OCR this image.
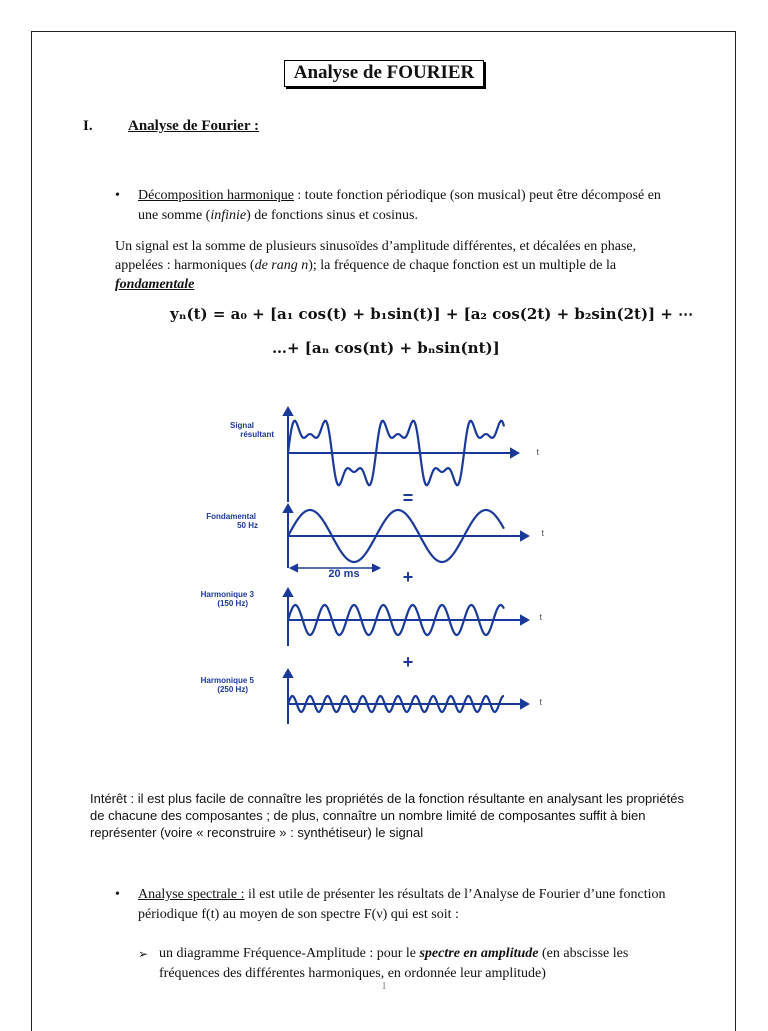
Analyse de FOURIER
I. Analyse de Fourier :
•	Décomposition harmonique : toute fonction périodique (son musical) peut être décomposé en
une somme (infinie) de fonctions sinus et cosinus.
Un signal est la somme de plusieurs sinusoïdes d’amplitude différentes, et décalées en phase,
appelées : harmoniques (de rang n); la fréquence de chaque fonction est un multiple de la
fondamentale
yₙ(t) = a₀ + [a₁ cos(t) + b₁sin(t)] + [a₂ cos(2t) + b₂sin(2t)] + ⋯
…+ [aₙ cos(nt) + bₙsin(nt)]
Signal
résultant
Fondamental
50 Hz
Harmonique 3
(150 Hz)
Harmonique 5
(250 Hz)
20 ms
=
+
+
t
t
t
t
Intérêt : il est plus facile de connaître les propriétés de la fonction résultante en analysant les propriétés
de chacune des composantes ; de plus, connaître un nombre limité de composantes suffit à bien
représenter (voire « reconstruire » : synthétiseur) le signal
•	Analyse spectrale : il est utile de présenter les résultats de l’Analyse de Fourier d’une fonction
périodique f(t) au moyen de son spectre F(ν) qui est soit :
➢ un diagramme Fréquence-Amplitude : pour le spectre en amplitude (en abscisse les
fréquences des différentes harmoniques, en ordonnée leur amplitude)
1
